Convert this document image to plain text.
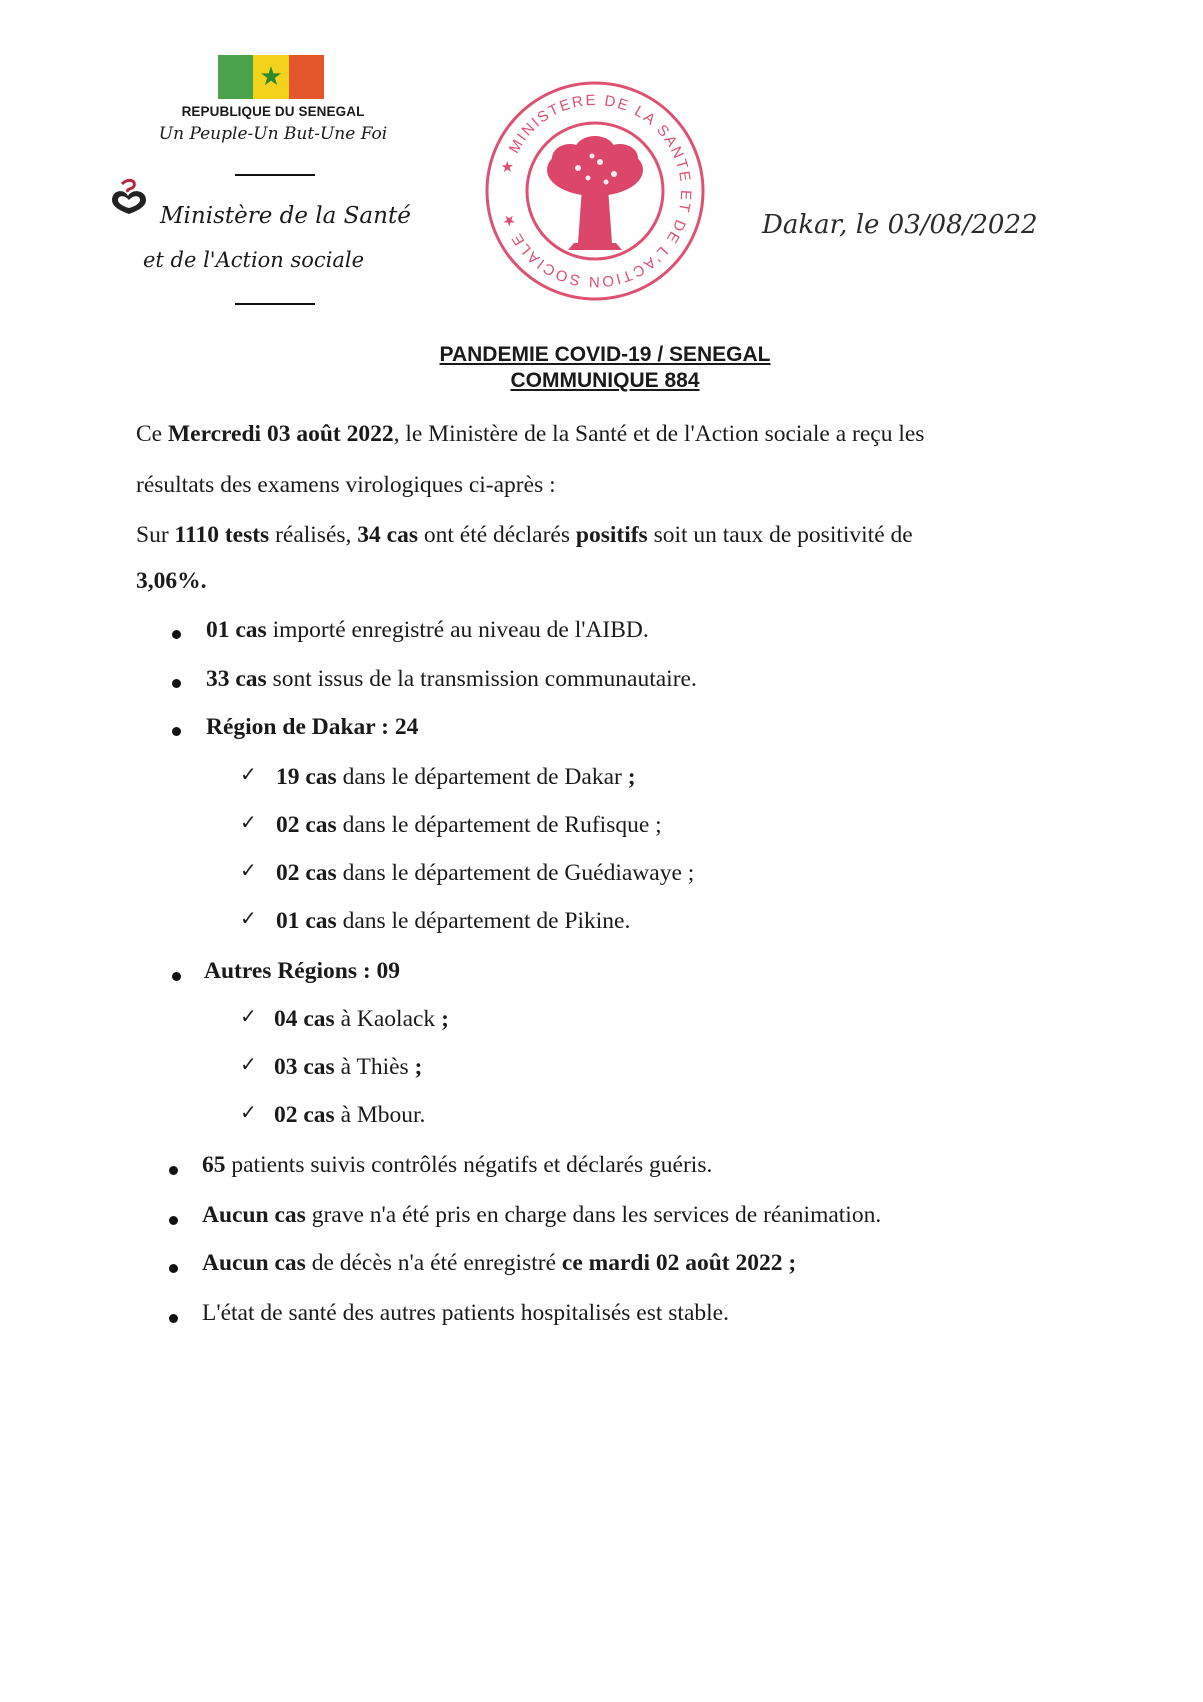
★
REPUBLIQUE DU SENEGAL
Un Peuple-Un But-Une Foi
Ministère de la Santé
et de l'Action sociale
★ MINISTERE DE LA SANTE ET DE L'ACTION SOCIALE ★	Dakar, le 03/08/2022
PANDEMIE COVID-19 / SENEGAL
COMMUNIQUE 884
Ce Mercredi 03 août 2022, le Ministère de la Santé et de l'Action sociale a reçu les
résultats des examens virologiques ci-après :
Sur 1110 tests réalisés, 34 cas ont été déclarés positifs soit un taux de positivité de
3,06%.
01 cas importé enregistré au niveau de l'AIBD.
33 cas sont issus de la transmission communautaire.
Région de Dakar : 24
✓ 19 cas dans le département de Dakar ;
✓ 02 cas dans le département de Rufisque ;
✓ 02 cas dans le département de Guédiawaye ;
✓ 01 cas dans le département de Pikine.
Autres Régions : 09
✓ 04 cas à Kaolack ;
✓ 03 cas à Thiès ;
✓ 02 cas à Mbour.
65 patients suivis contrôlés négatifs et déclarés guéris.
Aucun cas grave n'a été pris en charge dans les services de réanimation.
Aucun cas de décès n'a été enregistré ce mardi 02 août 2022 ;
L'état de santé des autres patients hospitalisés est stable.
